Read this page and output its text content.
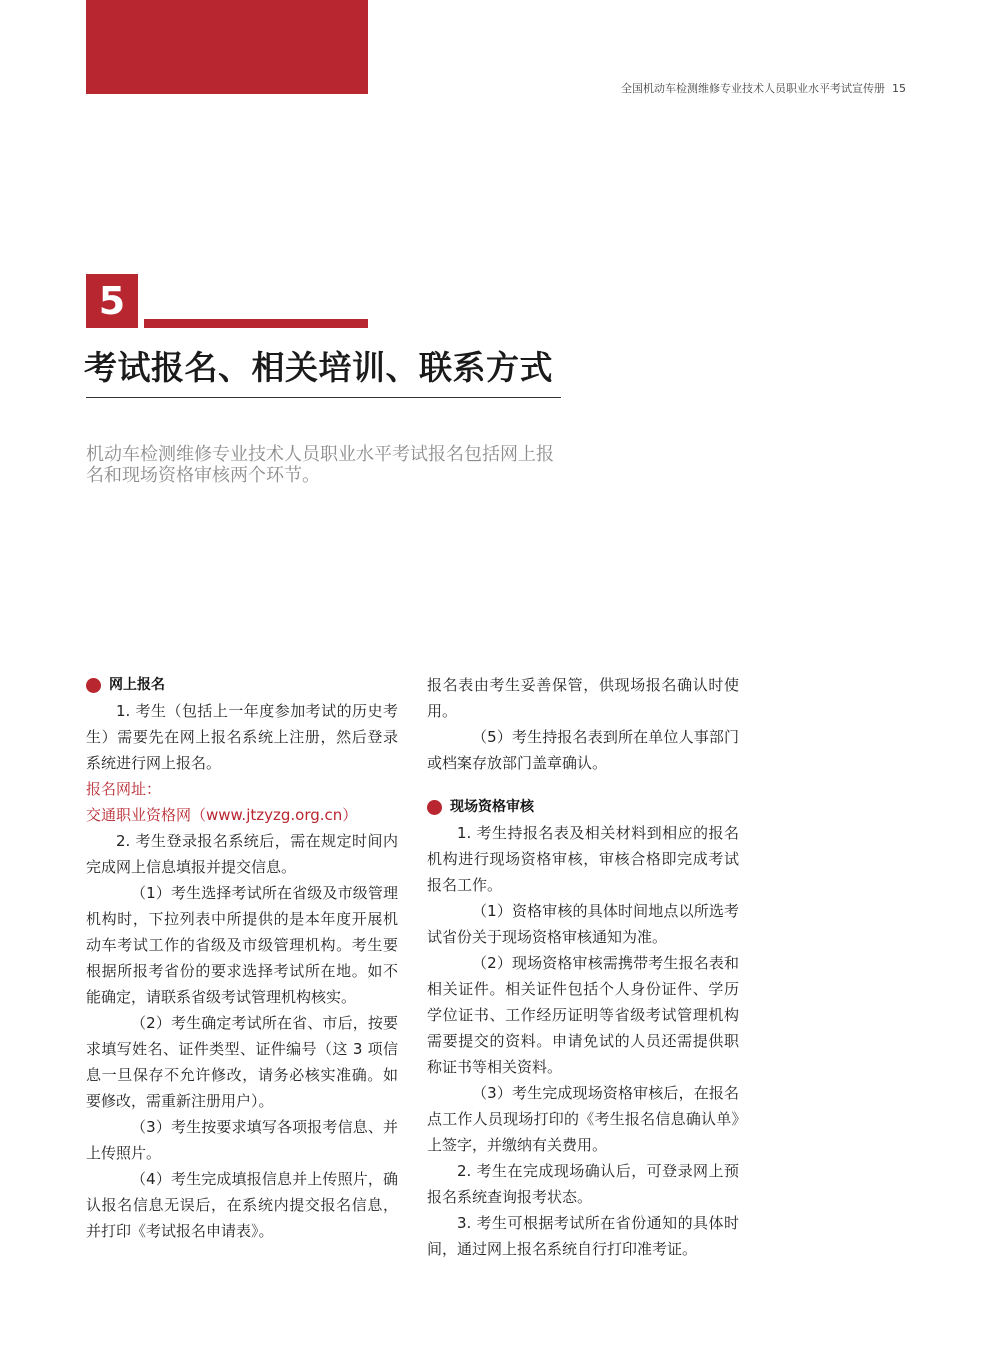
全国机动车检测维修专业技术人员职业水平考试宣传册 15
5
考试报名、相关培训、联系方式

机动车检测维修专业技术人员职业水平考试报名包括网上报名和现场资格审核两个环节。

网上报名

1. 考生（包括上一年度参加考试的历史考生）需要先在网上报名系统上注册，然后登录系统进行网上报名。

报名网址：

交通职业资格网（www.jtzyzg.org.cn）

2. 考生登录报名系统后，需在规定时间内完成网上信息填报并提交信息。

（1）考生选择考试所在省级及市级管理机构时，下拉列表中所提供的是本年度开展机动车考试工作的省级及市级管理机构。考生要根据所报考省份的要求选择考试所在地。如不能确定，请联系省级考试管理机构核实。

（2）考生确定考试所在省、市后，按要求填写姓名、证件类型、证件编号（这 3 项信息一旦保存不允许修改，请务必核实准确。如要修改，需重新注册用户）。

（3）考生按要求填写各项报考信息、并上传照片。

（4）考生完成填报信息并上传照片，确认报名信息无误后，在系统内提交报名信息，并打印《考试报名申请表》。

报名表由考生妥善保管，供现场报名确认时使用。

（5）考生持报名表到所在单位人事部门或档案存放部门盖章确认。

现场资格审核

1. 考生持报名表及相关材料到相应的报名机构进行现场资格审核，审核合格即完成考试报名工作。

（1）资格审核的具体时间地点以所选考试省份关于现场资格审核通知为准。

（2）现场资格审核需携带考生报名表和相关证件。相关证件包括个人身份证件、学历学位证书、工作经历证明等省级考试管理机构需要提交的资料。申请免试的人员还需提供职称证书等相关资料。

（3）考生完成现场资格审核后，在报名点工作人员现场打印的《考生报名信息确认单》上签字，并缴纳有关费用。

2. 考生在完成现场确认后，可登录网上预报名系统查询报考状态。

3. 考生可根据考试所在省份通知的具体时间，通过网上报名系统自行打印准考证。
